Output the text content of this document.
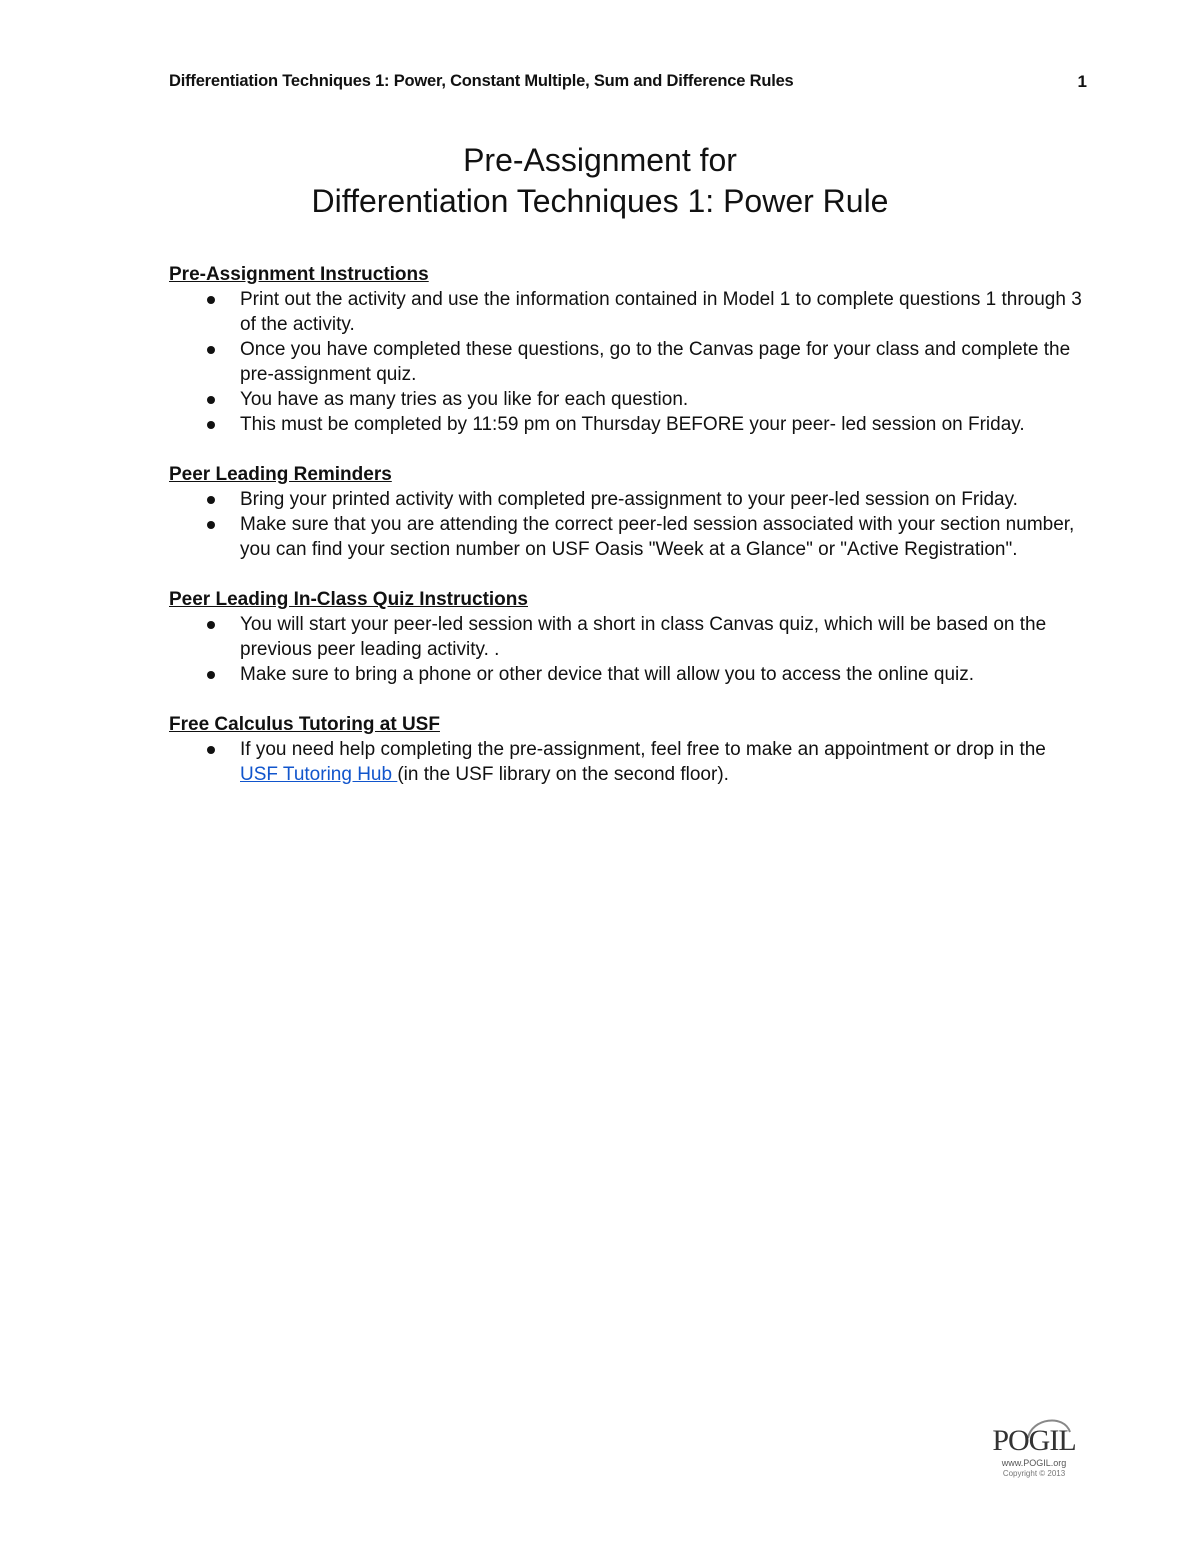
Differentiation Techniques 1: Power, Constant Multiple, Sum and Difference Rules	1
Pre-Assignment for
Differentiation Techniques 1: Power Rule
Pre-Assignment Instructions
Print out the activity and use the information contained in Model 1 to complete questions 1 through 3 of the activity.
Once you have completed these questions, go to the Canvas page for your class and complete the pre-assignment quiz.
You have as many tries as you like for each question.
This must be completed by 11:59 pm on Thursday BEFORE your peer- led session on Friday.
Peer Leading Reminders
Bring your printed activity with completed pre-assignment to your peer-led session on Friday.
Make sure that you are attending the correct peer-led session associated with your section number, you can find your section number on USF Oasis "Week at a Glance" or "Active Registration".
Peer Leading In-Class Quiz Instructions
You will start your peer-led session with a short in class Canvas quiz, which will be based on the previous peer leading activity. .
Make sure to bring a phone or other device that will allow you to access the online quiz.
Free Calculus Tutoring at USF
If you need help completing the pre-assignment, feel free to make an appointment or drop in the USF Tutoring Hub (in the USF library on the second floor).
POGIL
www.POGIL.org
Copyright © 2013
